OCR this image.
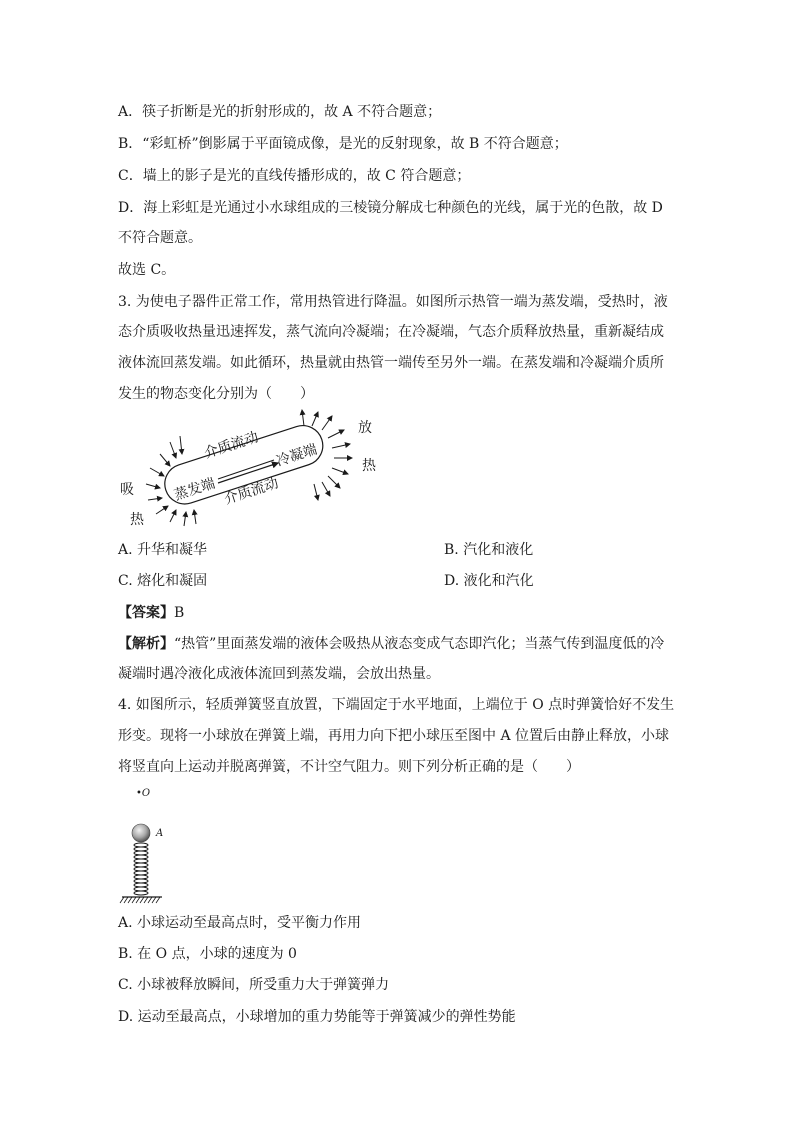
A．筷子折断是光的折射形成的，故 A 不符合题意；
B．“彩虹桥”倒影属于平面镜成像，是光的反射现象，故 B 不符合题意；
C．墙上的影子是光的直线传播形成的，故 C 符合题意；
D．海上彩虹是光通过小水球组成的三棱镜分解成七种颜色的光线，属于光的色散，故 D
不符合题意。
故选 C。
3. 为使电子器件正常工作，常用热管进行降温。如图所示热管一端为蒸发端，受热时，液
态介质吸收热量迅速挥发，蒸气流向冷凝端；在冷凝端，气态介质释放热量，重新凝结成
液体流回蒸发端。如此循环，热量就由热管一端传至另外一端。在蒸发端和冷凝端介质所
发生的物态变化分别为（　　）
介质流动
介质流动
蒸发端
冷凝端
吸
热
放
热
A. 升华和凝华	B. 汽化和液化
C. 熔化和凝固	D. 液化和汽化
【答案】B
【解析】“热管”里面蒸发端的液体会吸热从液态变成气态即汽化；当蒸气传到温度低的冷
凝端时遇冷液化成液体流回到蒸发端，会放出热量。
4. 如图所示，轻质弹簧竖直放置，下端固定于水平地面，上端位于 O 点时弹簧恰好不发生
形变。现将一小球放在弹簧上端，再用力向下把小球压至图中 A 位置后由静止释放，小球
将竖直向上运动并脱离弹簧，不计空气阻力。则下列分析正确的是（　　）
•O
A
A. 小球运动至最高点时，受平衡力作用
B. 在 O 点，小球的速度为 0
C. 小球被释放瞬间，所受重力大于弹簧弹力
D. 运动至最高点，小球增加的重力势能等于弹簧减少的弹性势能
